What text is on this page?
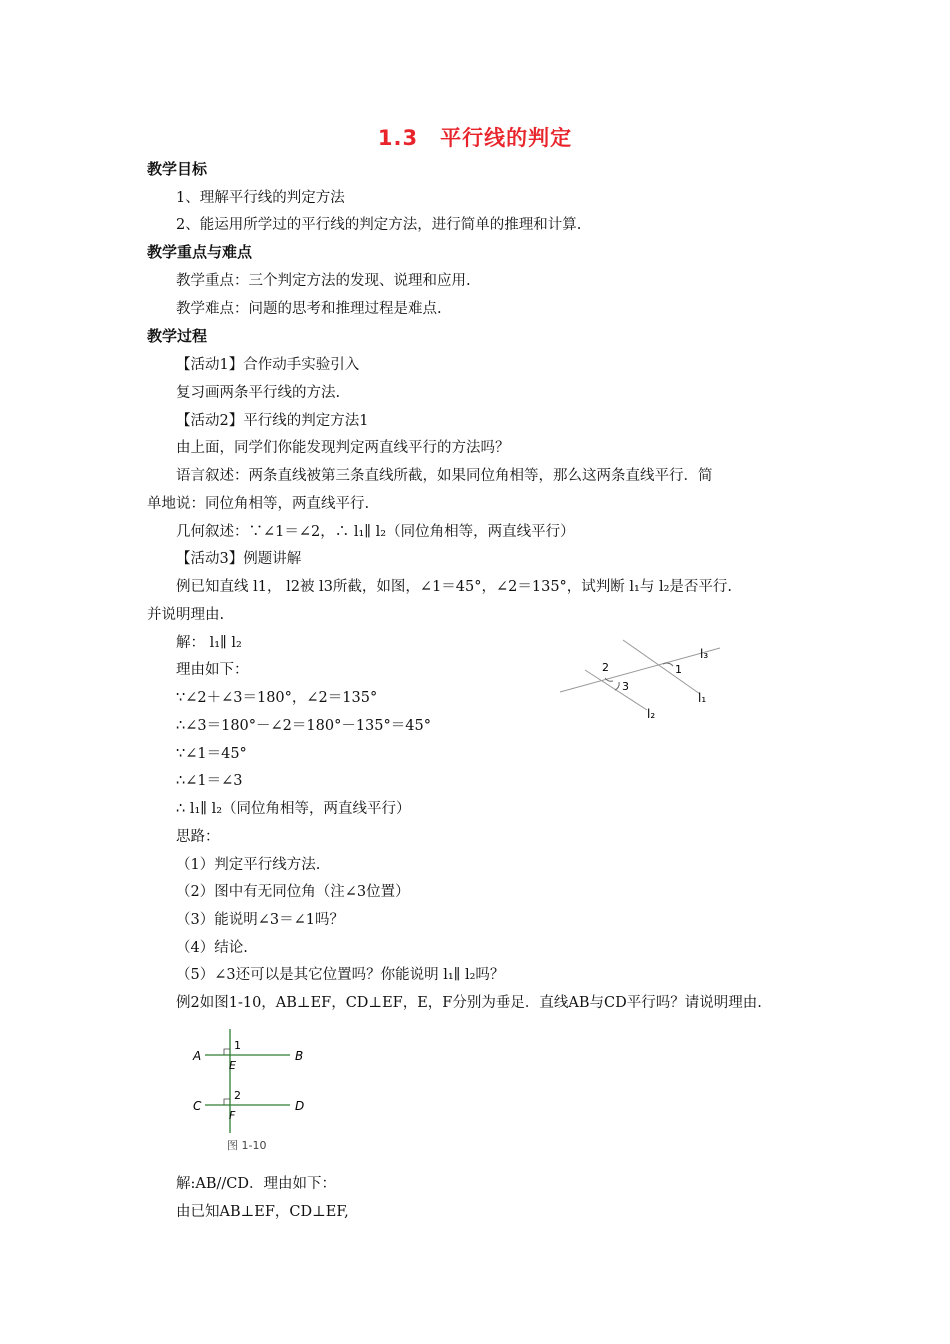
1.3　平行线的判定
教学目标
1、理解平行线的判定方法
2、能运用所学过的平行线的判定方法，进行简单的推理和计算.
教学重点与难点
教学重点：三个判定方法的发现、说理和应用.
教学难点：问题的思考和推理过程是难点.
教学过程
【活动1】合作动手实验引入
复习画两条平行线的方法.
【活动2】平行线的判定方法1
由上面，同学们你能发现判定两直线平行的方法吗？
语言叙述：两条直线被第三条直线所截，如果同位角相等，那么这两条直线平行．简
单地说：同位角相等，两直线平行.
几何叙述：∵∠1＝∠2，∴ l₁∥ l₂（同位角相等，两直线平行）
【活动3】例题讲解
例已知直线 l1， l2被 l3所截，如图，∠1＝45°，∠2＝135°，试判断 l₁与 l₂是否平行.
并说明理由.
解： l₁∥ l₂
理由如下：
∵∠2＋∠3＝180°，∠2＝135°
∴∠3＝180°－∠2＝180°－135°＝45°
∵∠1＝45°
∴∠1＝∠3
∴ l₁∥ l₂（同位角相等，两直线平行）
思路：
（1）判定平行线方法.
（2）图中有无同位角（注∠3位置）
（3）能说明∠3＝∠1吗？
（4）结论.
（5）∠3还可以是其它位置吗？你能说明 l₁∥ l₂吗？
例2如图1-10，AB⊥EF，CD⊥EF，E，F分别为垂足．直线AB与CD平行吗？请说明理由.
l₃
l₁
l₂
1
2
3
A	B
C	D
E
F
1
2
图 1-10
解:AB//CD．理由如下：
由已知AB⊥EF，CD⊥EF,
